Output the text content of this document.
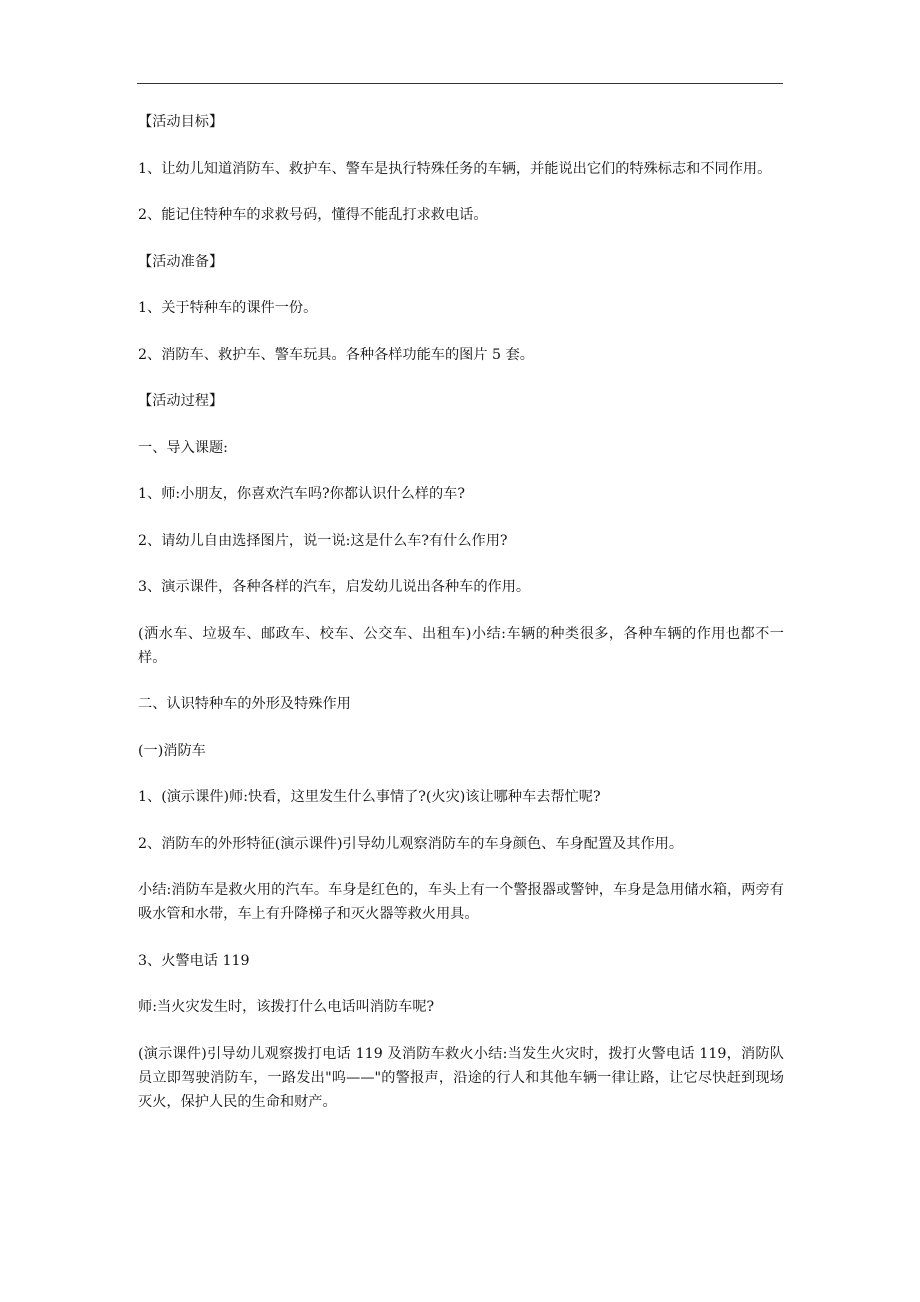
【活动目标】

1、让幼儿知道消防车、救护车、警车是执行特殊任务的车辆，并能说出它们的特殊标志和不同作用。

2、能记住特种车的求救号码，懂得不能乱打求救电话。

【活动准备】

1、关于特种车的课件一份。

2、消防车、救护车、警车玩具。各种各样功能车的图片 5 套。

【活动过程】

一、导入课题:

1、师:小朋友，你喜欢汽车吗?你都认识什么样的车?

2、请幼儿自由选择图片，说一说:这是什么车?有什么作用?

3、演示课件，各种各样的汽车，启发幼儿说出各种车的作用。

(洒水车、垃圾车、邮政车、校车、公交车、出租车)小结:车辆的种类很多，各种车辆的作用也都不一样。

二、认识特种车的外形及特殊作用

(一)消防车

1、(演示课件)师:快看，这里发生什么事情了?(火灾)该让哪种车去帮忙呢?

2、消防车的外形特征(演示课件)引导幼儿观察消防车的车身颜色、车身配置及其作用。

小结:消防车是救火用的汽车。车身是红色的，车头上有一个警报器或警钟，车身是急用储水箱，两旁有吸水管和水带，车上有升降梯子和灭火器等救火用具。

3、火警电话 119

师:当火灾发生时，该拨打什么电话叫消防车呢?

(演示课件)引导幼儿观察拨打电话 119 及消防车救火小结:当发生火灾时，拨打火警电话 119，消防队员立即驾驶消防车，一路发出"呜——"的警报声，沿途的行人和其他车辆一律让路，让它尽快赶到现场灭火，保护人民的生命和财产。
